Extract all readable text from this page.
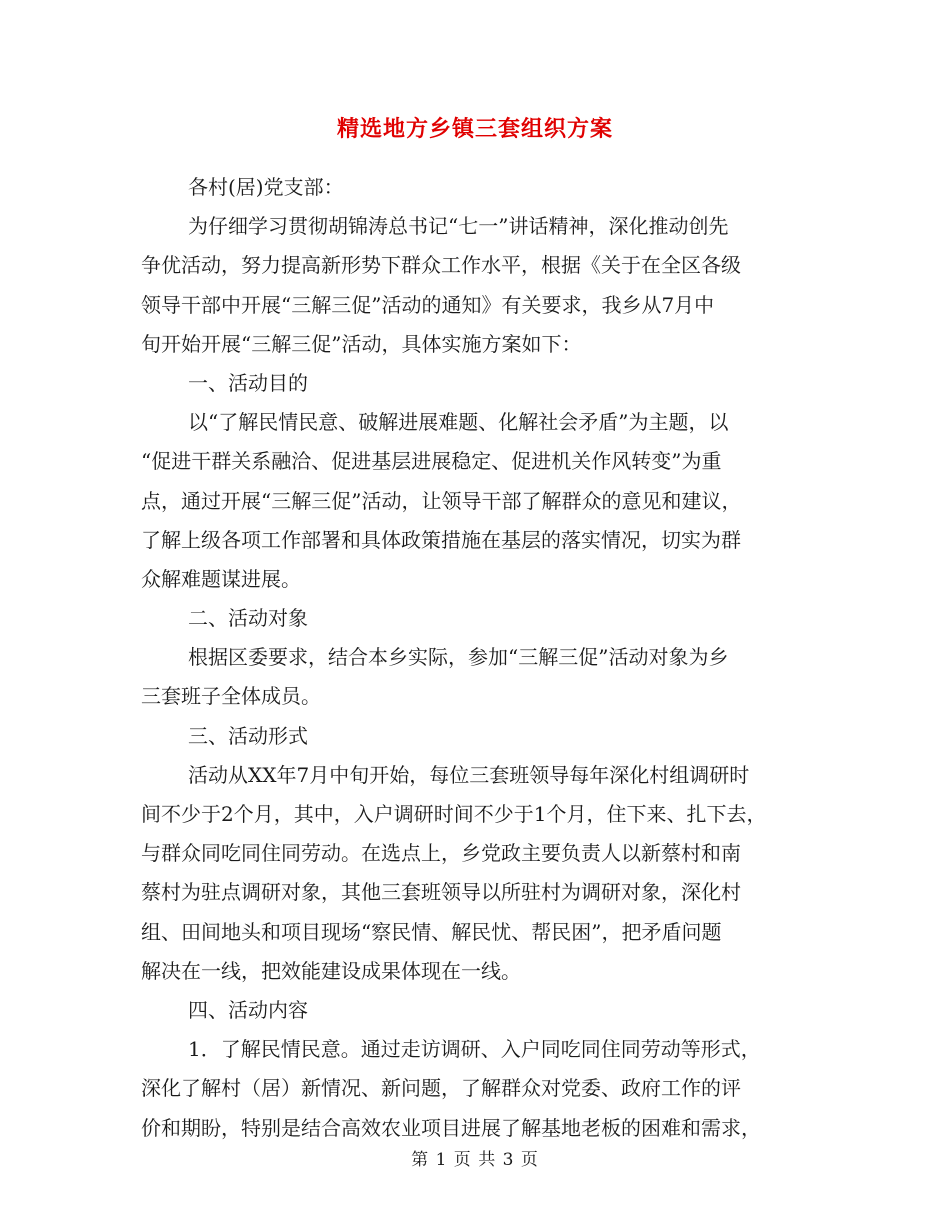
精选地方乡镇三套组织方案
各村(居)党支部：
为仔细学习贯彻胡锦涛总书记“七一”讲话精神，深化推动创先
争优活动，努力提高新形势下群众工作水平，根据《关于在全区各级
领导干部中开展“三解三促”活动的通知》有关要求，我乡从7月中
旬开始开展“三解三促”活动，具体实施方案如下：
一、活动目的
以“了解民情民意、破解进展难题、化解社会矛盾”为主题，以
“促进干群关系融洽、促进基层进展稳定、促进机关作风转变”为重
点，通过开展“三解三促”活动，让领导干部了解群众的意见和建议，
了解上级各项工作部署和具体政策措施在基层的落实情况，切实为群
众解难题谋进展。
二、活动对象
根据区委要求，结合本乡实际，参加“三解三促”活动对象为乡
三套班子全体成员。
三、活动形式
活动从XX年7月中旬开始，每位三套班领导每年深化村组调研时
间不少于2个月，其中，入户调研时间不少于1个月，住下来、扎下去，
与群众同吃同住同劳动。在选点上，乡党政主要负责人以新蔡村和南
蔡村为驻点调研对象，其他三套班领导以所驻村为调研对象，深化村
组、田间地头和项目现场“察民情、解民忧、帮民困”，把矛盾问题
解决在一线，把效能建设成果体现在一线。
四、活动内容
1．了解民情民意。通过走访调研、入户同吃同住同劳动等形式，
深化了解村（居）新情况、新问题，了解群众对党委、政府工作的评
价和期盼，特别是结合高效农业项目进展了解基地老板的困难和需求，
第 1 页 共 3 页
